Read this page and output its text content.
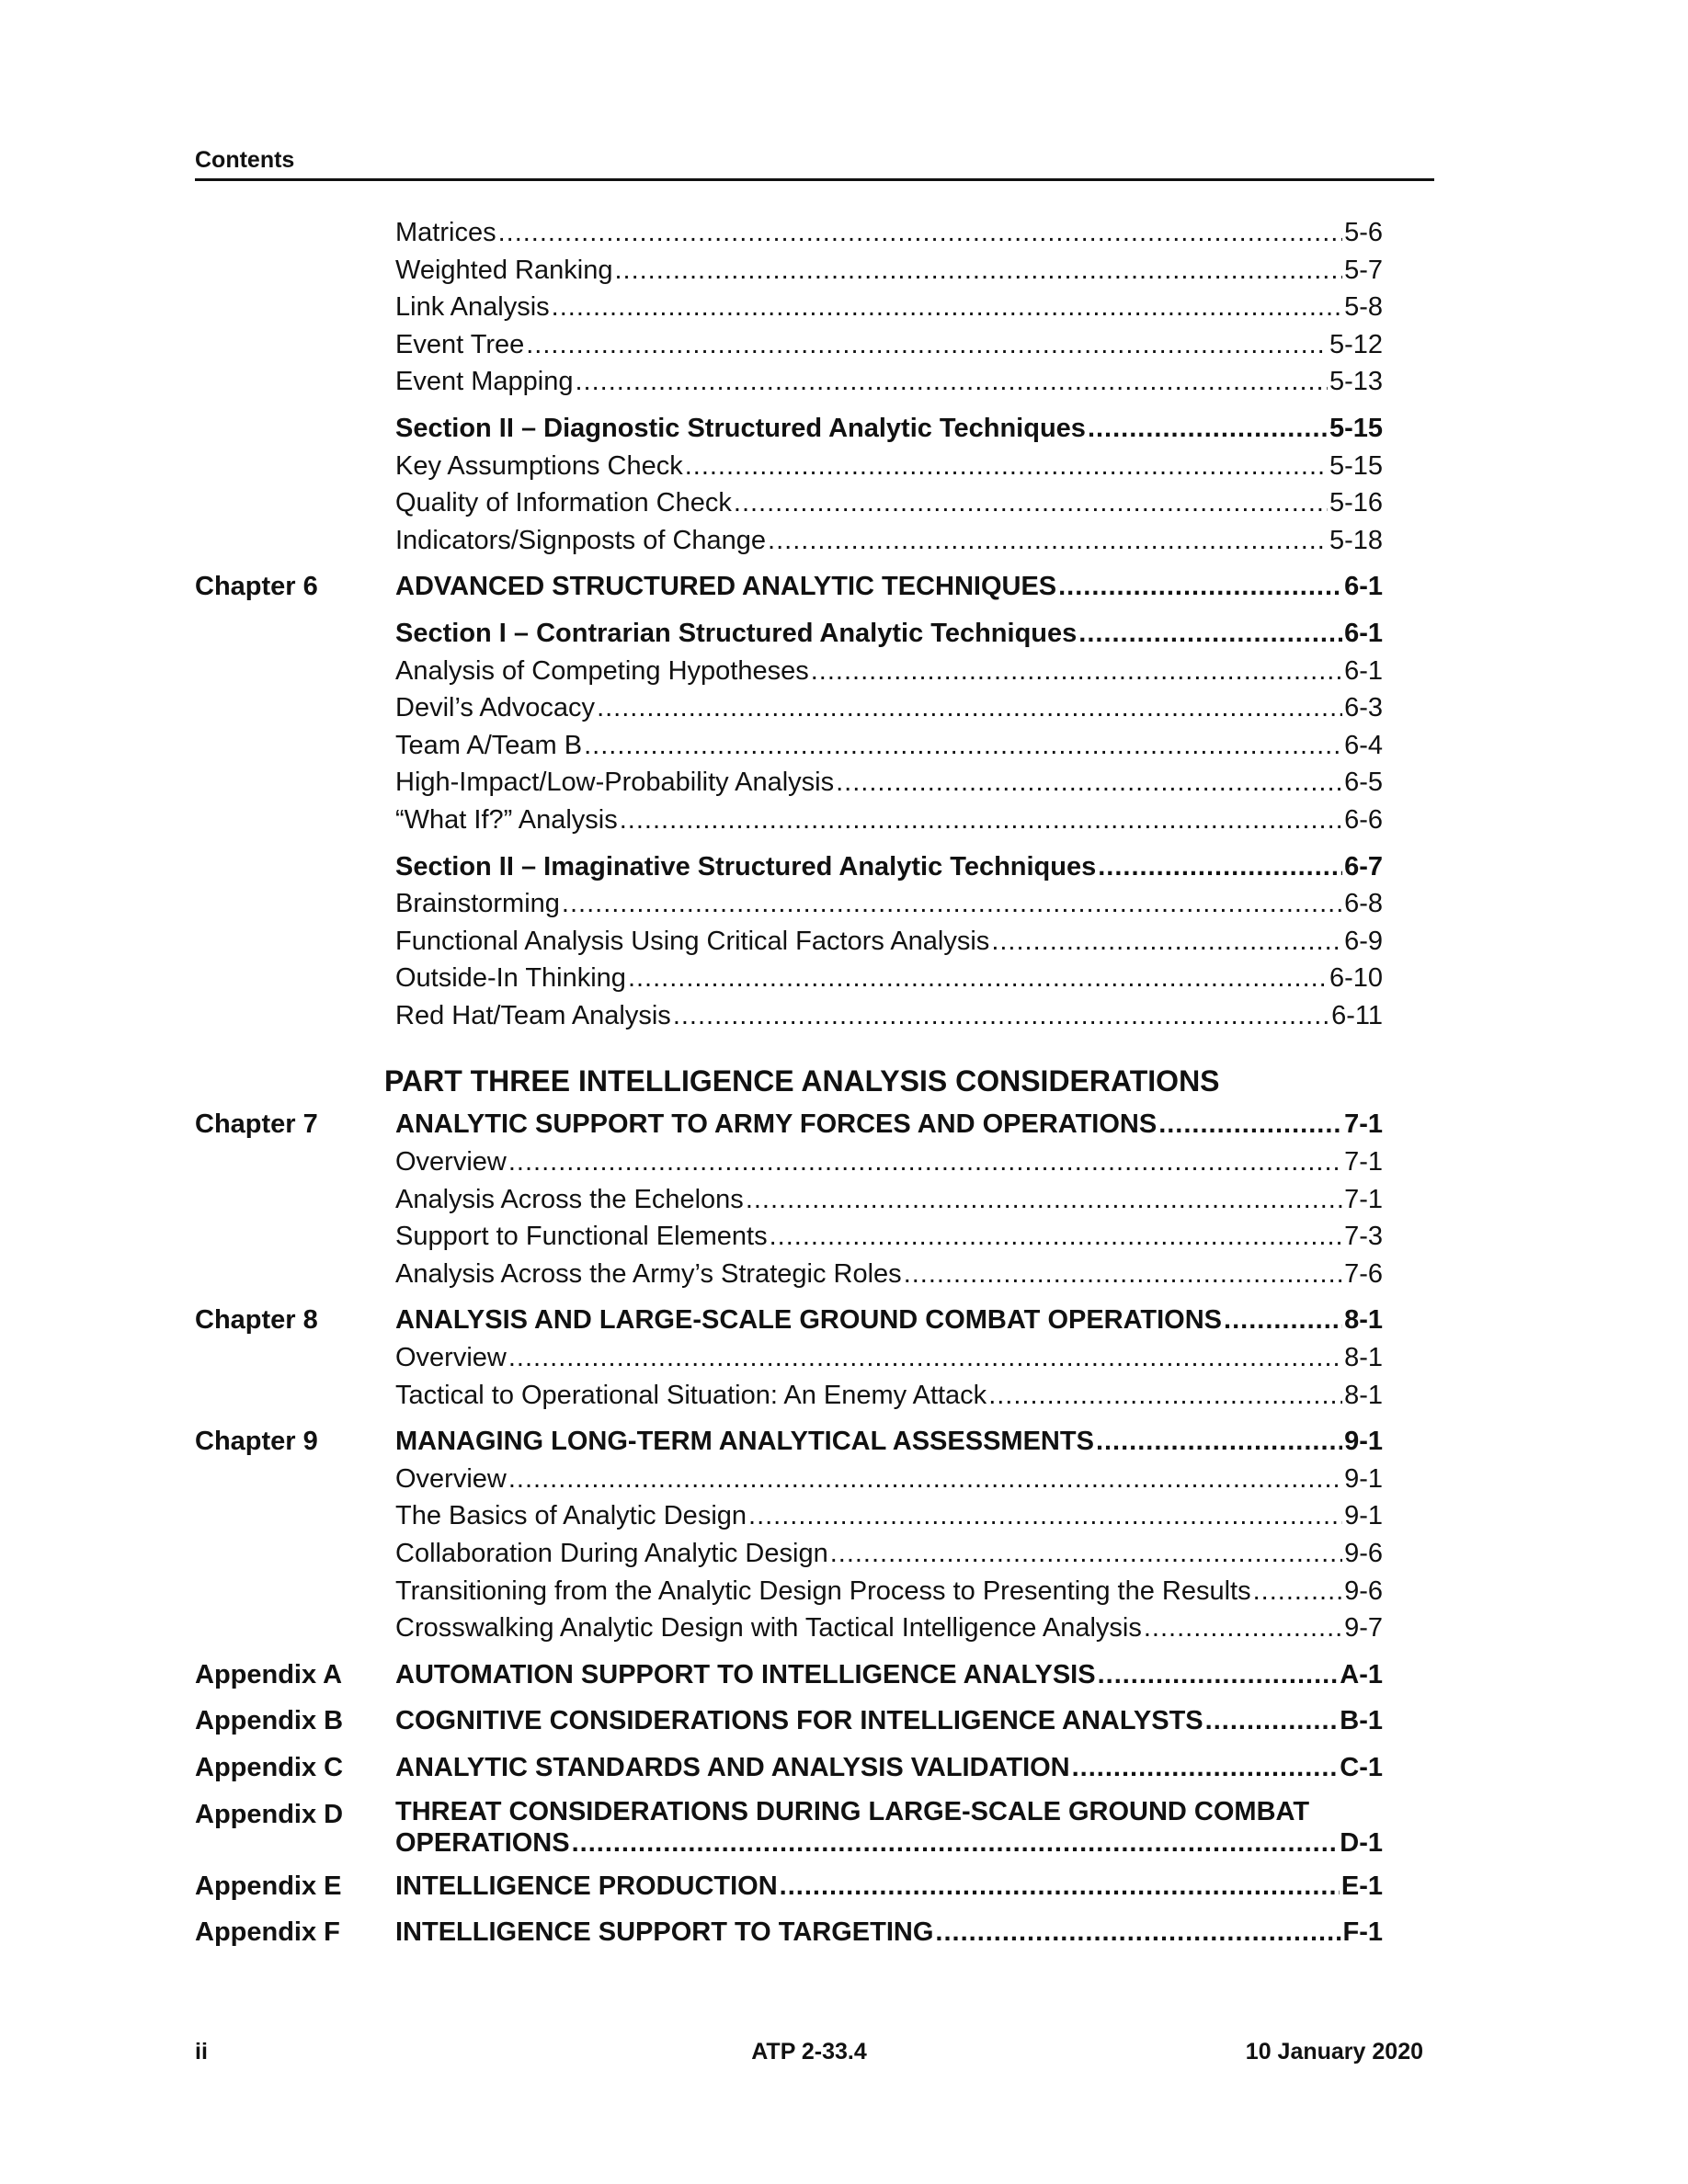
Contents
Matrices .....	5-6
Weighted Ranking .....	5-7
Link Analysis .....	5-8
Event Tree .....	5-12
Event Mapping .....	5-13
Section II – Diagnostic Structured Analytic Techniques .....	5-15
Key Assumptions Check .....	5-15
Quality of Information Check .....	5-16
Indicators/Signposts of Change .....	5-18
Chapter 6	ADVANCED STRUCTURED ANALYTIC TECHNIQUES .....	6-1
Section I – Contrarian Structured Analytic Techniques .....	6-1
Analysis of Competing Hypotheses .....	6-1
Devil’s Advocacy .....	6-3
Team A/Team B .....	6-4
High-Impact/Low-Probability Analysis .....	6-5
“What If?” Analysis .....	6-6
Section II – Imaginative Structured Analytic Techniques .....	6-7
Brainstorming .....	6-8
Functional Analysis Using Critical Factors Analysis .....	6-9
Outside-In Thinking .....	6-10
Red Hat/Team Analysis .....	6-11
PART THREE INTELLIGENCE ANALYSIS CONSIDERATIONS
Chapter 7	ANALYTIC SUPPORT TO ARMY FORCES AND OPERATIONS .....	7-1
Overview .....	7-1
Analysis Across the Echelons .....	7-1
Support to Functional Elements .....	7-3
Analysis Across the Army’s Strategic Roles .....	7-6
Chapter 8	ANALYSIS AND LARGE-SCALE GROUND COMBAT OPERATIONS .....	8-1
Overview .....	8-1
Tactical to Operational Situation: An Enemy Attack .....	8-1
Chapter 9	MANAGING LONG-TERM ANALYTICAL ASSESSMENTS .....	9-1
Overview .....	9-1
The Basics of Analytic Design .....	9-1
Collaboration During Analytic Design .....	9-6
Transitioning from the Analytic Design Process to Presenting the Results .....	9-6
Crosswalking Analytic Design with Tactical Intelligence Analysis .....	9-7
Appendix A AUTOMATION SUPPORT TO INTELLIGENCE ANALYSIS .....	A-1
Appendix B COGNITIVE CONSIDERATIONS FOR INTELLIGENCE ANALYSTS .....	B-1
Appendix C ANALYTIC STANDARDS AND ANALYSIS VALIDATION .....	C-1
Appendix D THREAT CONSIDERATIONS DURING LARGE-SCALE GROUND COMBAT
OPERATIONS .....	D-1
Appendix E INTELLIGENCE PRODUCTION .....	E-1
Appendix F INTELLIGENCE SUPPORT TO TARGETING .....	F-1
ii	ATP 2-33.4	10 January 2020
